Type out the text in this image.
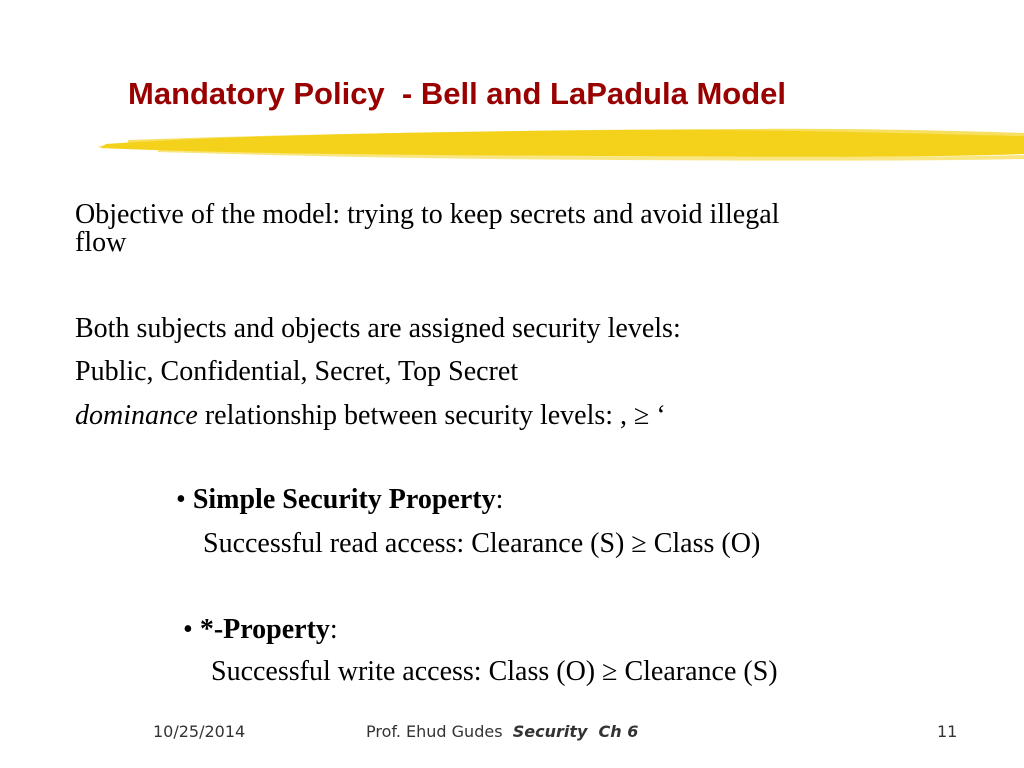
Mandatory Policy  - Bell and LaPadula Model
Objective of the model: trying to keep secrets and avoid illegal
flow
Both subjects and objects are assigned security levels:
Public, Confidential, Secret, Top Secret
dominance relationship between security levels: , ≥ ‘
• Simple Security Property:
Successful read access: Clearance (S) ≥ Class (O)
• *-Property:
Successful write access: Class (O) ≥ Clearance (S)
10/25/2014	Prof. Ehud Gudes  Security  Ch 6	11
